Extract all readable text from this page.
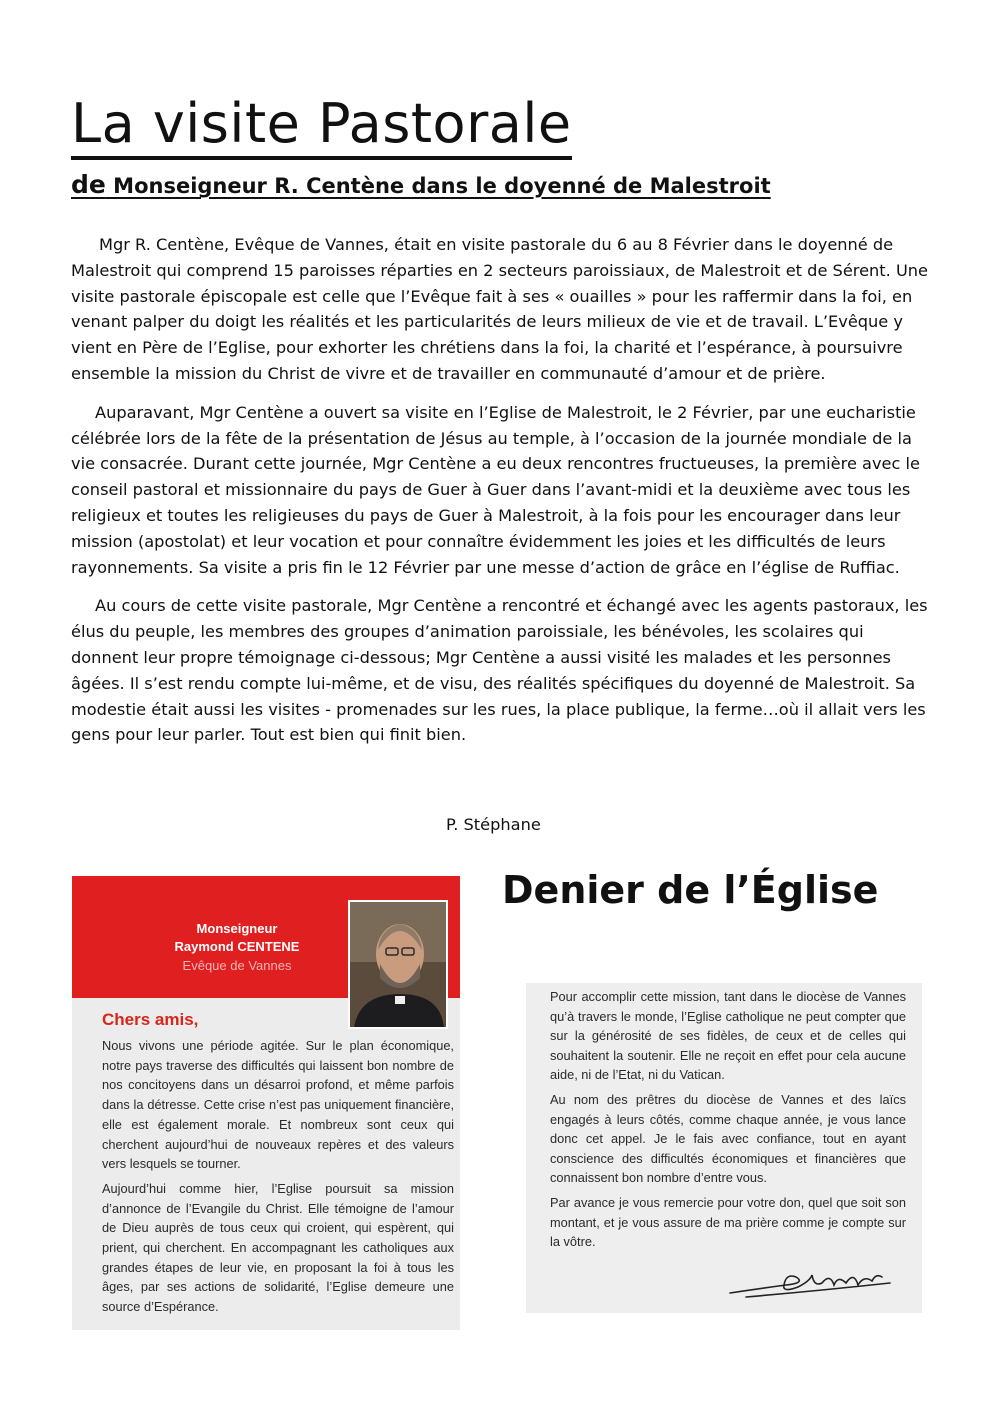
La visite Pastorale
de Monseigneur R. Centène dans le doyenné de Malestroit

Mgr R. Centène, Evêque de Vannes, était en visite pastorale du 6 au 8 Février dans le doyenné de Malestroit qui comprend 15 paroisses réparties en 2 secteurs paroissiaux, de Malestroit et de Sérent. Une visite pastorale épiscopale est celle que l’Evêque fait à ses « ouailles » pour les raffermir dans la foi, en venant palper du doigt les réalités et les particularités de leurs milieux de vie et de travail. L’Evêque y vient en Père de l’Eglise, pour exhorter les chrétiens dans la foi, la charité et l’espérance, à poursuivre ensemble la mission du Christ de vivre et de travailler en communauté d’amour et de prière.

Auparavant, Mgr Centène a ouvert sa visite en l’Eglise de Malestroit, le 2 Février, par une eucharistie célébrée lors de la fête de la présentation de Jésus au temple, à l’occasion de la journée mondiale de la vie consacrée. Durant cette journée, Mgr Centène a eu deux rencontres fructueuses, la première avec le conseil pastoral et missionnaire du pays de Guer à Guer dans l’avant-midi et la deuxième avec tous les religieux et toutes les religieuses du pays de Guer à Malestroit, à la fois pour les encourager dans leur mission (apostolat) et leur vocation et pour connaître évidemment les joies et les difficultés de leurs rayonnements. Sa visite a pris fin le 12 Février par une messe d’action de grâce en l’église de Ruffiac.

Au cours de cette visite pastorale, Mgr Centène a rencontré et échangé avec les agents pastoraux, les élus du peuple, les membres des groupes d’animation paroissiale, les bénévoles, les scolaires qui donnent leur propre témoignage ci-dessous; Mgr Centène a aussi visité les malades et les personnes âgées. Il s’est rendu compte lui-même, et de visu, des réalités spécifiques du doyenné de Malestroit. Sa modestie était aussi les visites - promenades sur les rues, la place publique, la ferme…où il allait vers les gens pour leur parler. Tout est bien qui finit bien.

P. Stéphane
Monseigneur
Raymond CENTENE
Evêque de Vannes
Chers amis,

Nous vivons une période agitée. Sur le plan économique, notre pays traverse des difficultés qui laissent bon nombre de nos concitoyens dans un désarroi profond, et même parfois dans la détresse. Cette crise n’est pas uniquement financière, elle est également morale. Et nombreux sont ceux qui cherchent aujourd’hui de nouveaux repères et des valeurs vers lesquels se tourner.

Aujourd’hui comme hier, l’Eglise poursuit sa mission d’annonce de l’Evangile du Christ. Elle témoigne de l’amour de Dieu auprès de tous ceux qui croient, qui espèrent, qui prient, qui cherchent. En accompagnant les catholiques aux grandes étapes de leur vie, en proposant la foi à tous les âges, par ses actions de solidarité, l’Eglise demeure une source d’Espérance.

Denier de l’Église

Pour accomplir cette mission, tant dans le diocèse de Vannes qu’à travers le monde, l’Eglise catholique ne peut compter que sur la générosité de ses fidèles, de ceux et de celles qui souhaitent la soutenir. Elle ne reçoit en effet pour cela aucune aide, ni de l’Etat, ni du Vatican.

Au nom des prêtres du diocèse de Vannes et des laïcs engagés à leurs côtés, comme chaque année, je vous lance donc cet appel. Je le fais avec confiance, tout en ayant conscience des difficultés économiques et financières que connaissent bon nombre d’entre vous.

Par avance je vous remercie pour votre don, quel que soit son montant, et je vous assure de ma prière comme je compte sur la vôtre.
